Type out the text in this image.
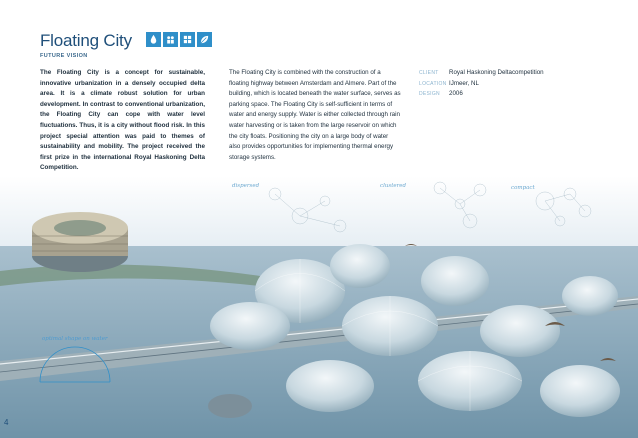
Floating City
FUTURE VISION
The Floating City is a concept for sustainable, innovative urbanization in a densely occupied delta area. It is a climate robust solution for urban development. In contrast to conventional urbanization, the Floating City can cope with water level fluctuations. Thus, it is a city without flood risk. In this project special attention was paid to themes of sustainability and mobility. The project received the first prize in the international Royal Haskoning Delta Competition.
The Floating City is combined with the construction of a floating highway between Amsterdam and Almere. Part of the building, which is located beneath the water surface, serves as parking space. The Floating City is self-sufficient in terms of water and energy supply. Water is either collected through rain water harvesting or is taken from the large reservoir on which the city floats. Positioning the city on a large body of water also provides opportunities for implementing thermal energy storage systems.
CLIENT	Royal Haskoning Deltacompetition
LOCATION IJmeer, NL
DESIGN	2006
dispersed	clustered	compact
optimal shape on water
4
